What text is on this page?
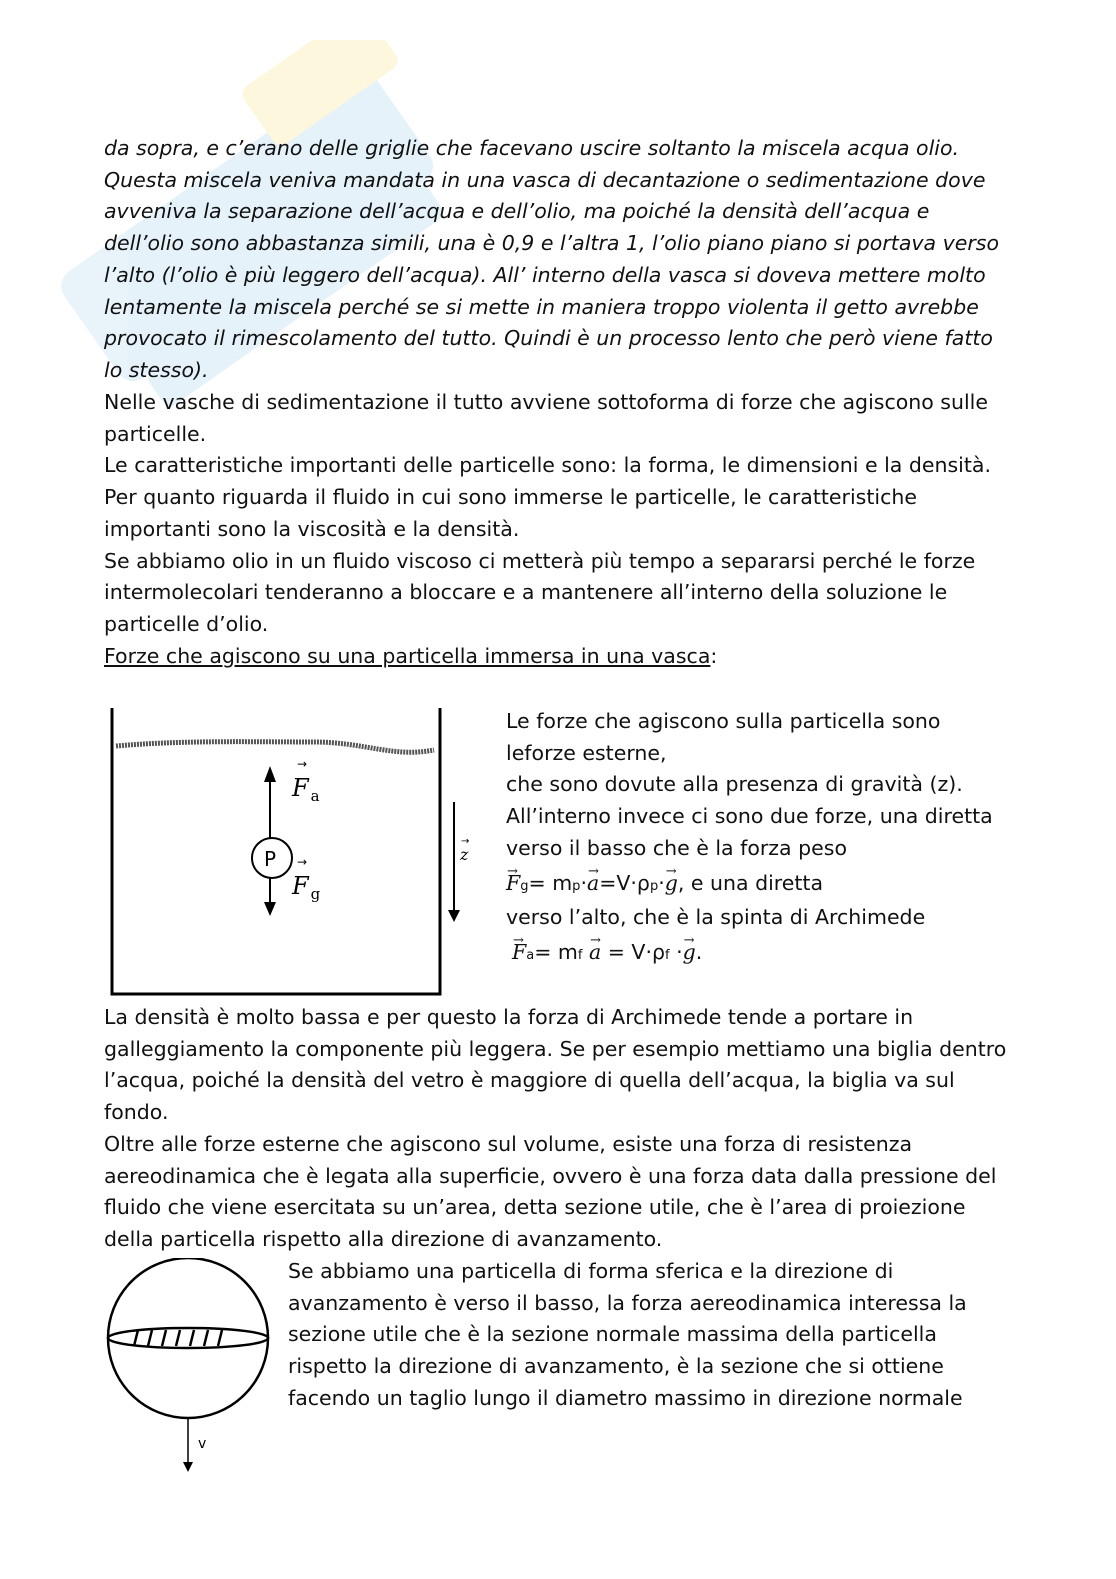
da sopra, e c’erano delle griglie che facevano uscire soltanto la miscela acqua olio. Questa miscela veniva mandata in una vasca di decantazione o sedimentazione dove avveniva la separazione dell’acqua e dell’olio, ma poiché la densità dell’acqua e dell’olio sono abbastanza simili, una è 0,9 e l’altra 1, l’olio piano piano si portava verso l’alto (l’olio è più leggero dell’acqua). All’ interno della vasca si doveva mettere molto lentamente la miscela perché se si mette in maniera troppo violenta il getto avrebbe provocato il rimescolamento del tutto. Quindi è un processo lento che però viene fatto lo stesso).

Nelle vasche di sedimentazione il tutto avviene sottoforma di forze che agiscono sulle particelle.

Le caratteristiche importanti delle particelle sono: la forma, le dimensioni e la densità.

Per quanto riguarda il fluido in cui sono immerse le particelle, le caratteristiche importanti sono la viscosità e la densità.

Se abbiamo olio in un fluido viscoso ci metterà più tempo a separarsi perché le forze intermolecolari tenderanno a bloccare e a mantenere all’interno della soluzione le particelle d’olio.

Forze che agiscono su una particella immersa in una vasca:

P
F $_a$
→
F $_g$
→	z
→

Le forze che agiscono sulla particella sono leforze esterne,

che sono dovute alla presenza di gravità (z). All’interno invece ci sono due forze, una diretta verso il basso che è la forza peso

→ Fg= mp·→ a=V·ρp·→ g, e una diretta

verso l’alto, che è la spinta di Archimede

→ Fa= mf → a = V·ρf ·→ g.

La densità è molto bassa e per questo la forza di Archimede tende a portare in galleggiamento la componente più leggera. Se per esempio mettiamo una biglia dentro l’acqua, poiché la densità del vetro è maggiore di quella dell’acqua, la biglia va sul fondo.

Oltre alle forze esterne che agiscono sul volume, esiste una forza di resistenza aereodinamica che è legata alla superficie, ovvero è una forza data dalla pressione del fluido che viene esercitata su un’area, detta sezione utile, che è l’area di proiezione della particella rispetto alla direzione di avanzamento.

v
Se abbiamo una particella di forma sferica e la direzione di avanzamento è verso il basso, la forza aereodinamica interessa la sezione utile che è la sezione normale massima della particella rispetto la direzione di avanzamento, è la sezione che si ottiene facendo un taglio lungo il diametro massimo in direzione normale
